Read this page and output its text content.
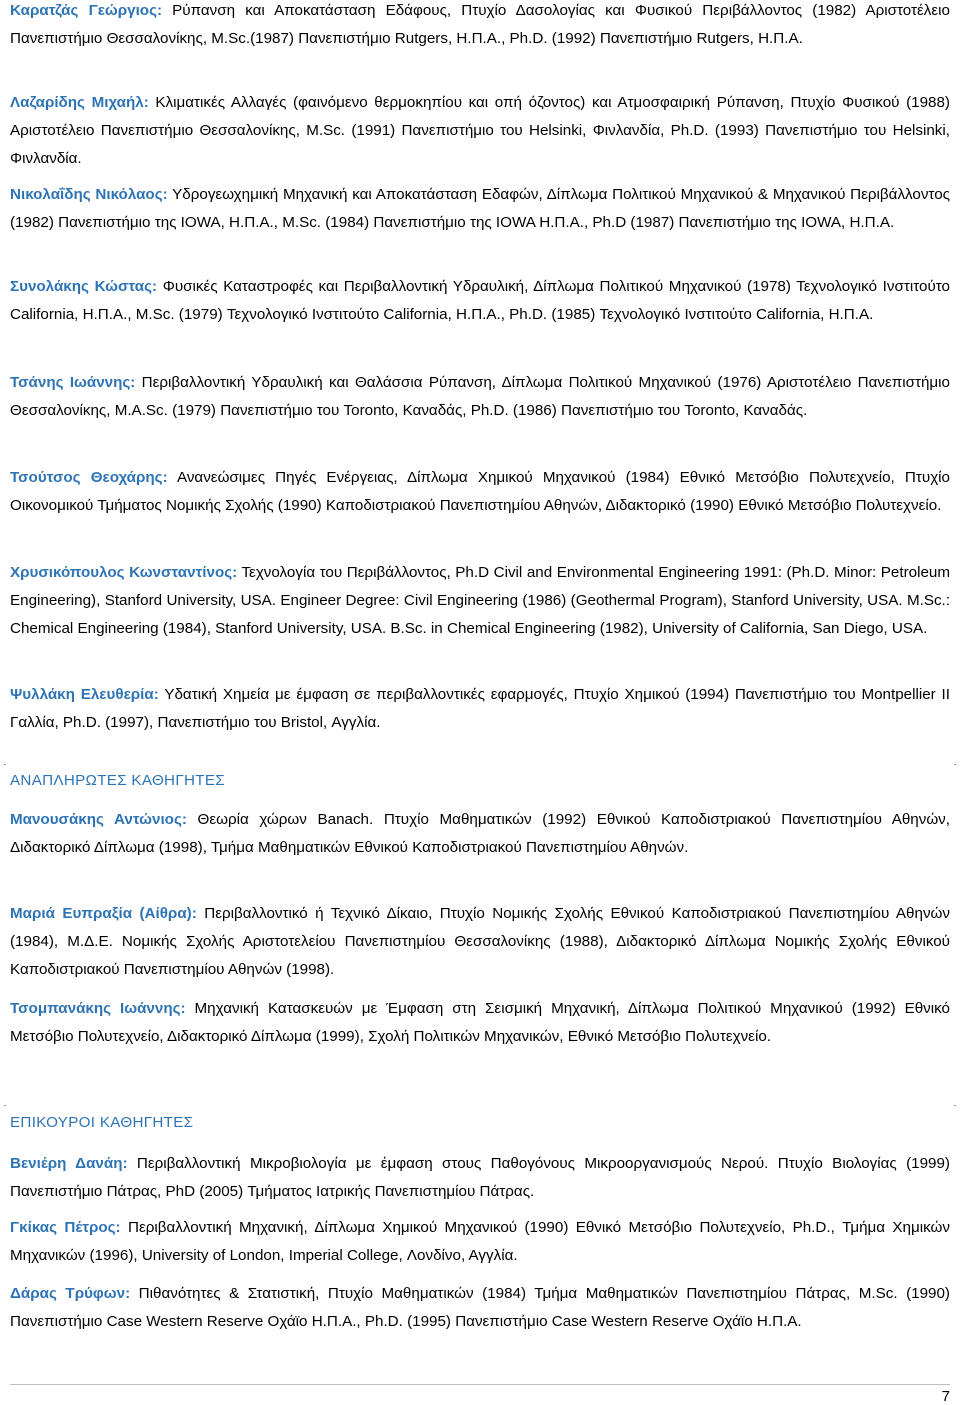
Καρατζάς Γεώργιος: Ρύπανση και Αποκατάσταση Εδάφους, Πτυχίο Δασολογίας και Φυσικού Περιβάλλοντος (1982) Αριστοτέλειο Πανεπιστήμιο Θεσσαλονίκης, M.Sc.(1987) Πανεπιστήμιο Rutgers, Η.Π.Α., Ph.D. (1992) Πανεπιστήμιο Rutgers, Η.Π.Α.

Λαζαρίδης Μιχαήλ: Κλιματικές Αλλαγές (φαινόμενο θερμοκηπίου και οπή όζοντος) και Ατμοσφαιρική Ρύπανση, Πτυχίο Φυσικού (1988) Αριστοτέλειο Πανεπιστήμιο Θεσσαλονίκης, M.Sc. (1991) Πανεπιστήμιο του Helsinki, Φινλανδία, Ph.D. (1993) Πανεπιστήμιο του Helsinki, Φινλανδία.

Νικολαΐδης Νικόλαος: Υδρογεωχημική Μηχανική και Αποκατάσταση Εδαφών, Δίπλωμα Πολιτικού Μηχανικού & Μηχανικού Περιβάλλοντος (1982) Πανεπιστήμιο της IOWA, Η.Π.Α., M.Sc. (1984) Πανεπιστήμιο της IOWA Η.Π.Α., Ph.D (1987) Πανεπιστήμιο της IOWA, Η.Π.Α.

Συνολάκης Κώστας: Φυσικές Καταστροφές και Περιβαλλοντική Υδραυλική, Δίπλωμα Πολιτικού Μηχανικού (1978) Τεχνολογικό Ινστιτούτο California, Η.Π.Α., M.Sc. (1979) Τεχνολογικό Ινστιτούτο California, Η.Π.Α., Ph.D. (1985) Τεχνολογικό Ινστιτούτο California, Η.Π.Α.

Τσάνης Ιωάννης: Περιβαλλοντική Υδραυλική και Θαλάσσια Ρύπανση, Δίπλωμα Πολιτικού Μηχανικού (1976) Αριστοτέλειο Πανεπιστήμιο Θεσσαλονίκης, M.A.Sc. (1979) Πανεπιστήμιο του Toronto, Καναδάς, Ph.D. (1986) Πανεπιστήμιο του Toronto, Καναδάς.

Τσούτσος Θεοχάρης: Ανανεώσιμες Πηγές Ενέργειας, Δίπλωμα Χημικού Μηχανικού (1984) Εθνικό Μετσόβιο Πολυτεχνείο, Πτυχίο Οικονομικού Τμήματος Νομικής Σχολής (1990) Καποδιστριακού Πανεπιστημίου Αθηνών, Διδακτορικό (1990) Εθνικό Μετσόβιο Πολυτεχνείο.

Χρυσικόπουλος Κωνσταντίνος: Τεχνολογία του Περιβάλλοντος, Ph.D Civil and Environmental Engineering 1991: (Ph.D. Minor: Petroleum Engineering), Stanford University, USA. Engineer Degree: Civil Engineering (1986) (Geothermal Program), Stanford University, USA. M.Sc.: Chemical Engineering (1984), Stanford University, USA. B.Sc. in Chemical Engineering (1982), University of California, San Diego, USA.

Ψυλλάκη Ελευθερία: Υδατική Χημεία με έμφαση σε περιβαλλοντικές εφαρμογές, Πτυχίο Χημικού (1994) Πανεπιστήμιο του Montpellier II Γαλλία, Ph.D. (1997), Πανεπιστήμιο του Bristol, Αγγλία.

ΑΝΑΠΛΗΡΩΤΕΣ ΚΑΘΗΓΗΤΕΣ

Μανουσάκης Αντώνιος: Θεωρία χώρων Banach. Πτυχίο Μαθηματικών (1992) Εθνικού Καποδιστριακού Πανεπιστημίου Αθηνών, Διδακτορικό Δίπλωμα (1998), Τμήμα Μαθηματικών Εθνικού Καποδιστριακού Πανεπιστημίου Αθηνών.

Μαριά Ευπραξία (Αίθρα): Περιβαλλοντικό ή Τεχνικό Δίκαιο, Πτυχίο Νομικής Σχολής Εθνικού Καποδιστριακού Πανεπιστημίου Αθηνών (1984), Μ.Δ.Ε. Νομικής Σχολής Αριστοτελείου Πανεπιστημίου Θεσσαλονίκης (1988), Διδακτορικό Δίπλωμα Νομικής Σχολής Εθνικού Καποδιστριακού Πανεπιστημίου Αθηνών (1998).

Τσομπανάκης Ιωάννης: Μηχανική Κατασκευών με Έμφαση στη Σεισμική Μηχανική, Δίπλωμα Πολιτικού Μηχανικού (1992) Εθνικό Μετσόβιο Πολυτεχνείο, Διδακτορικό Δίπλωμα (1999), Σχολή Πολιτικών Μηχανικών, Εθνικό Μετσόβιο Πολυτεχνείο.

ΕΠΙΚΟΥΡΟΙ ΚΑΘΗΓΗΤΕΣ

Βενιέρη Δανάη: Περιβαλλοντική Μικροβιολογία με έμφαση στους Παθογόνους Μικροοργανισμούς Νερού. Πτυχίο Βιολογίας (1999) Πανεπιστήμιο Πάτρας, PhD (2005) Τμήματος Ιατρικής Πανεπιστημίου Πάτρας.

Γκίκας Πέτρος: Περιβαλλοντική Μηχανική, Δίπλωμα Χημικού Μηχανικού (1990) Εθνικό Μετσόβιο Πολυτεχνείο, Ph.D., Τμήμα Χημικών Μηχανικών (1996), University of London, Imperial College, Λονδίνο, Αγγλία.

Δάρας Τρύφων: Πιθανότητες & Στατιστική, Πτυχίο Μαθηματικών (1984) Τμήμα Μαθηματικών Πανεπιστημίου Πάτρας, M.Sc. (1990) Πανεπιστήμιο Case Western Reserve Οχάϊο Η.Π.Α., Ph.D. (1995) Πανεπιστήμιο Case Western Reserve Οχάϊο Η.Π.Α.

7
